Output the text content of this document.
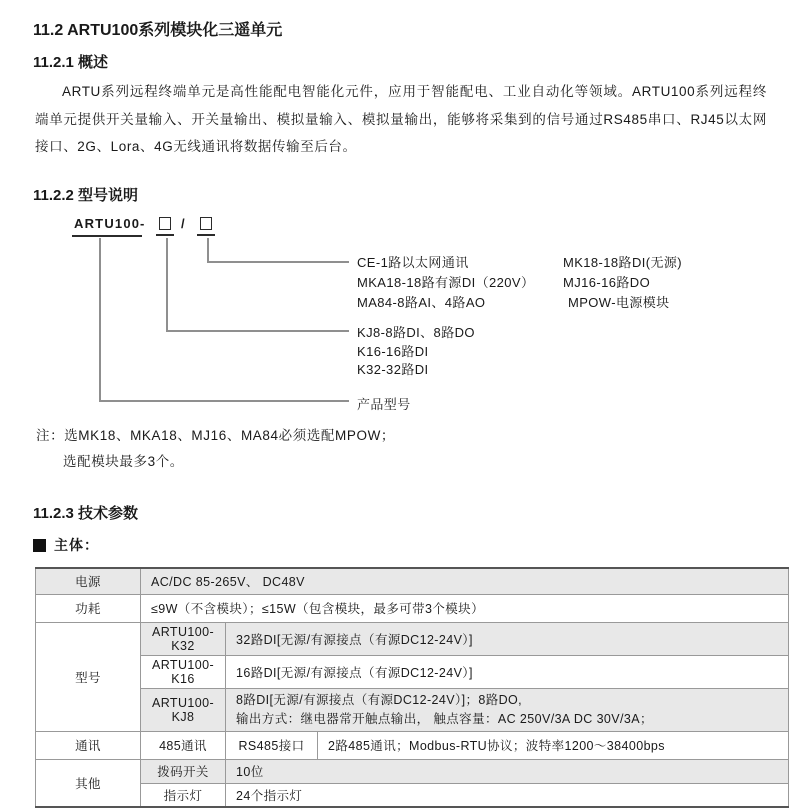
11.2 ARTU100系列模块化三遥单元
11.2.1 概述

ARTU系列远程终端单元是高性能配电智能化元件，应用于智能配电、工业自动化等领域。ARTU100系列远程终端单元提供开关量输入、开关量输出、模拟量输入、模拟量输出，能够将采集到的信号通过RS485串口、RJ45以太网接口、2G、Lora、4G无线通讯将数据传输至后台。

11.2.2 型号说明
ARTU100 -	/
CE-1路以太网通讯
MKA18-18路有源DI（220V）
MA84-8路AI、4路AO
MK18-18路DI(无源)
MJ16-16路DO
MPOW-电源模块
KJ8-8路DI、8路DO
K16-16路DI
K32-32路DI
产品型号
注：选MK18、MKA18、MJ16、MA84必须选配MPOW；
选配模块最多3个。
11.2.3 技术参数
主体：
电源	AC/DC 85-265V、 DC48V		
功耗	≤9W（不含模块）；≤15W（包含模块，最多可带3个模块）		
型号	ARTU100-K32	32路DI[无源/有源接点（有源DC12-24V）]	
	ARTU100-K16	16路DI[无源/有源接点（有源DC12-24V）]	
	ARTU100-KJ8	8路DI[无源/有源接点（有源DC12-24V）]；8路DO,
输出方式：继电器常开触点输出， 触点容量：AC 250V/3A DC 30V/3A；	

通讯	485通讯	RS485接口	2路485通讯；Modbus-RTU协议；波特率1200～38400bps
其他	拨码开关	10位	
	指示灯	24个指示灯	
